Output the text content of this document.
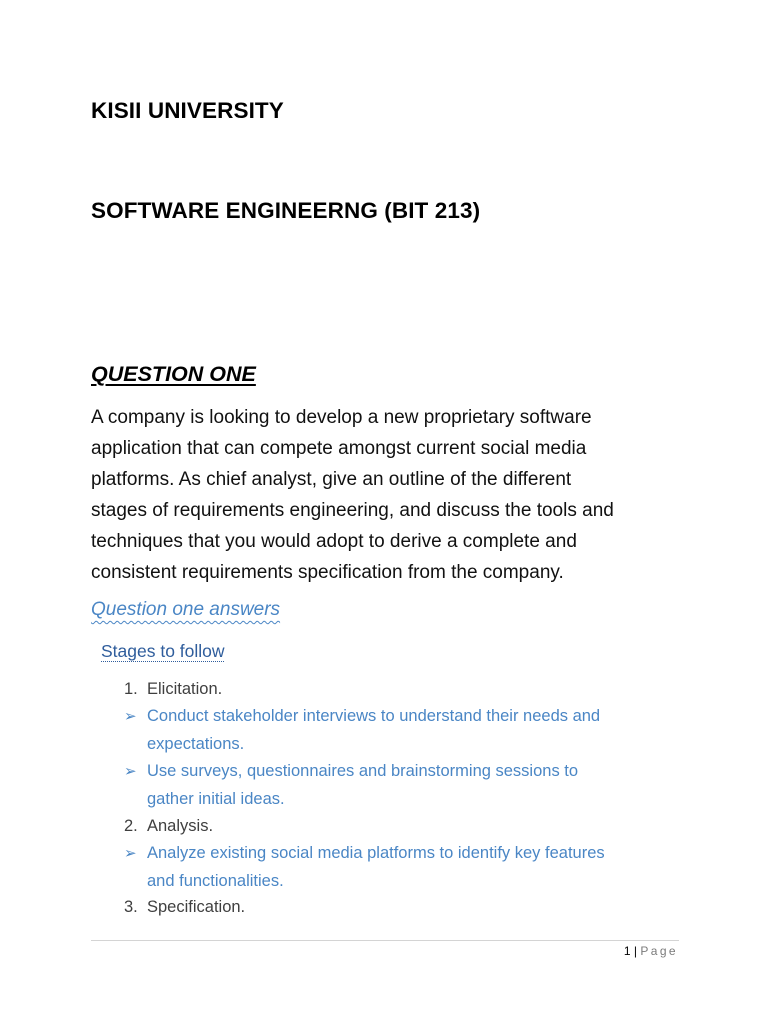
KISII UNIVERSITY
SOFTWARE ENGINEERNG (BIT 213)
QUESTION ONE
A company is looking to develop a new proprietary software
application that can compete amongst current social media
platforms. As chief analyst, give an outline of the different
stages of requirements engineering, and discuss the tools and
techniques that you would adopt to derive a complete and
consistent requirements specification from the company.
Question one answers
Stages to follow
1. Elicitation.
➢ Conduct stakeholder interviews to understand their needs and
expectations.
➢ Use surveys, questionnaires and brainstorming sessions to
gather initial ideas.
2. Analysis.
➢ Analyze existing social media platforms to identify key features
and functionalities.
3. Specification.
1 | Page
